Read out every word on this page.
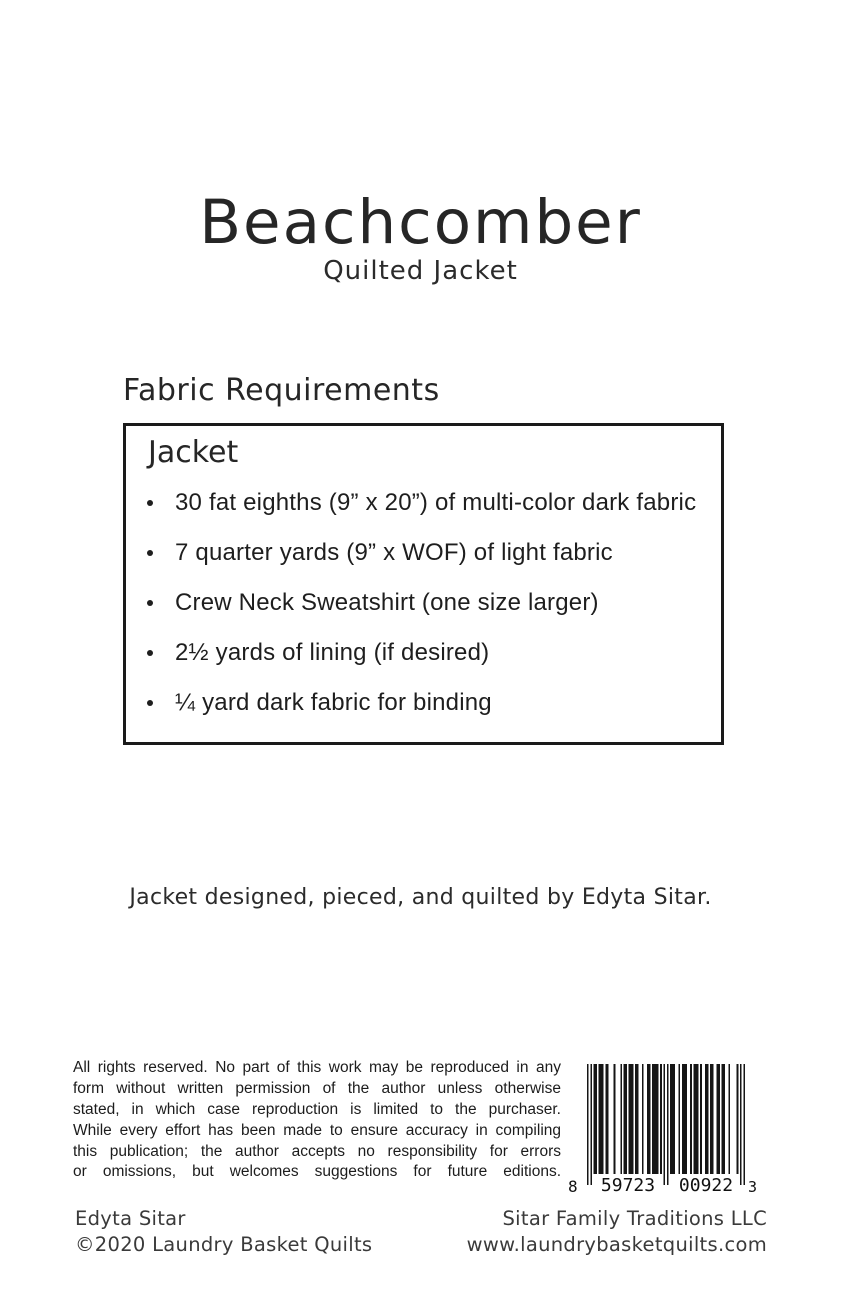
Beachcomber
Quilted Jacket
Fabric Requirements
Jacket
30 fat eighths (9” x 20”) of multi-color dark fabric
7 quarter yards (9” x WOF) of light fabric
Crew Neck Sweatshirt (one size larger)
2½ yards of lining (if desired)
¼ yard dark fabric for binding

Jacket designed, pieced, and quilted by Edyta Sitar.

All rights reserved. No part of this work may be reproduced in any
form without written permission of the author unless otherwise
stated, in which case reproduction is limited to the purchaser.
While every effort has been made to ensure accuracy in compiling
this publication; the author accepts no responsibility for errors
or omissions, but welcomes suggestions for future editions.
8	59723	00922 3
Edyta Sitar
©2020 Laundry Basket Quilts
Sitar Family Traditions LLC
www.laundrybasketquilts.com
